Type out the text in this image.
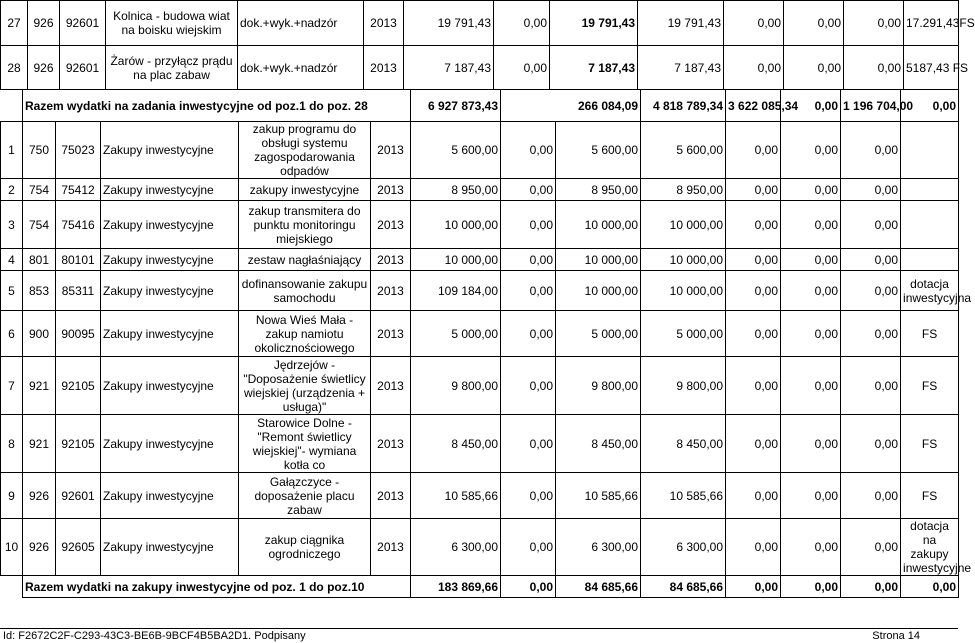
27	926	92601	Kolnica - budowa wiat na boisku wiejskim	dok.+wyk.+nadzór	2013	19 791,43	0,00	19 791,43	19 791,43	0,00	0,00	0,00	17.291,43FS
28	926	92601	Żarów - przyłącz prądu na plac zabaw	dok.+wyk.+nadzór	2013	7 187,43	0,00	7 187,43	7 187,43	0,00	0,00	0,00	5187,43 FS
	Razem wydatki na zadania inwestycyjne od poz.1 do poz. 28					6 927 873,43	266 084,09		4 818 789,34	3 622 085,34	0,00	1 196 704,00	0,00
1	750	75023	Zakupy inwestycyjne	zakup programu do obsługi systemu zagospodarowania odpadów	2013	5 600,00	0,00	5 600,00	5 600,00	0,00	0,00	0,00	
2	754	75412	Zakupy inwestycyjne	zakupy inwestycyjne	2013	8 950,00	0,00	8 950,00	8 950,00	0,00	0,00	0,00	
3	754	75416	Zakupy inwestycyjne	zakup transmitera do punktu monitoringu miejskiego	2013	10 000,00	0,00	10 000,00	10 000,00	0,00	0,00	0,00	
4	801	80101	Zakupy inwestycyjne	zestaw nagłaśniający	2013	10 000,00	0,00	10 000,00	10 000,00	0,00	0,00	0,00	
5	853	85311	Zakupy inwestycyjne	dofinansowanie zakupu samochodu	2013	109 184,00	0,00	10 000,00	10 000,00	0,00	0,00	0,00	dotacja inwestycyjna
6	900	90095	Zakupy inwestycyjne	Nowa Wieś Mała - zakup namiotu okolicznościowego	2013	5 000,00	0,00	5 000,00	5 000,00	0,00	0,00	0,00	FS
7	921	92105	Zakupy inwestycyjne	Jędrzejów - "Doposażenie świetlicy wiejskiej (urządzenia + usługa)"	2013	9 800,00	0,00	9 800,00	9 800,00	0,00	0,00	0,00	FS
8	921	92105	Zakupy inwestycyjne	Starowice Dolne - "Remont świetlicy wiejskiej"- wymiana kotła co	2013	8 450,00	0,00	8 450,00	8 450,00	0,00	0,00	0,00	FS
9	926	92601	Zakupy inwestycyjne	Gałązczyce - doposażenie placu zabaw	2013	10 585,66	0,00	10 585,66	10 585,66	0,00	0,00	0,00	FS
10	926	92605	Zakupy inwestycyjne	zakup ciągnika ogrodniczego	2013	6 300,00	0,00	6 300,00	6 300,00	0,00	0,00	0,00	dotacja na zakupy inwestycyjne
	Razem wydatki na zakupy inwestycyjne od poz. 1 do poz.10					183 869,66	0,00	84 685,66	84 685,66	0,00	0,00	0,00	0,00
Id: F2672C2F-C293-43C3-BE6B-9BCF4B5BA2D1. Podpisany	Strona 14
